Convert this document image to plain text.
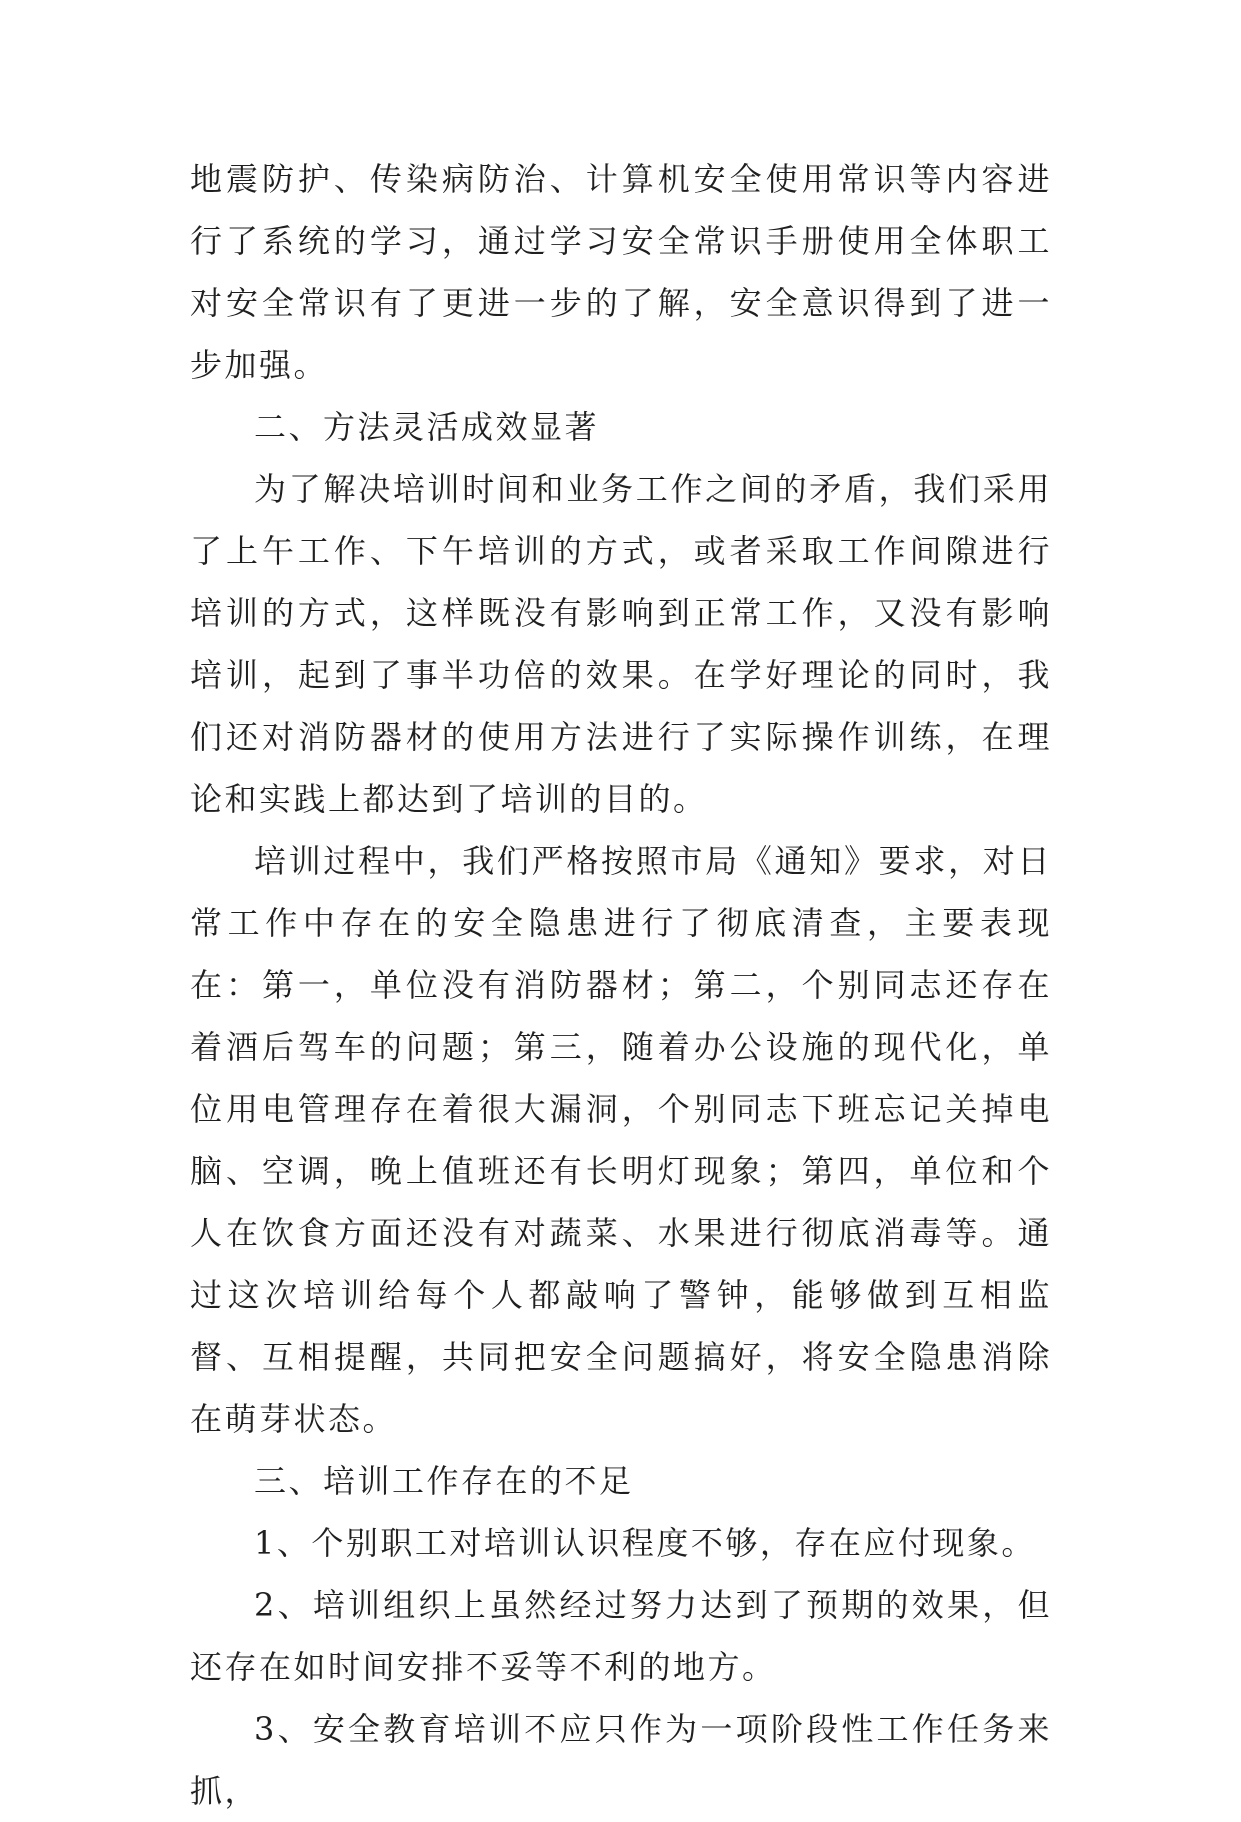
地震防护、传染病防治、计算机安全使用常识等内容进行了系统的学习，通过学习安全常识手册使用全体职工对安全常识有了更进一步的了解，安全意识得到了进一步加强。

二、方法灵活成效显著

为了解决培训时间和业务工作之间的矛盾，我们采用了上午工作、下午培训的方式，或者采取工作间隙进行培训的方式，这样既没有影响到正常工作，又没有影响培训，起到了事半功倍的效果。在学好理论的同时，我们还对消防器材的使用方法进行了实际操作训练，在理论和实践上都达到了培训的目的。

培训过程中，我们严格按照市局《通知》要求，对日常工作中存在的安全隐患进行了彻底清查，主要表现在：第一，单位没有消防器材；第二，个别同志还存在着酒后驾车的问题；第三，随着办公设施的现代化，单位用电管理存在着很大漏洞，个别同志下班忘记关掉电脑、空调，晚上值班还有长明灯现象；第四，单位和个人在饮食方面还没有对蔬菜、水果进行彻底消毒等。通过这次培训给每个人都敲响了警钟，能够做到互相监督、互相提醒，共同把安全问题搞好，将安全隐患消除在萌芽状态。

三、培训工作存在的不足

1、个别职工对培训认识程度不够，存在应付现象。

2、培训组织上虽然经过努力达到了预期的效果，但还存在如时间安排不妥等不利的地方。

3、安全教育培训不应只作为一项阶段性工作任务来抓，
